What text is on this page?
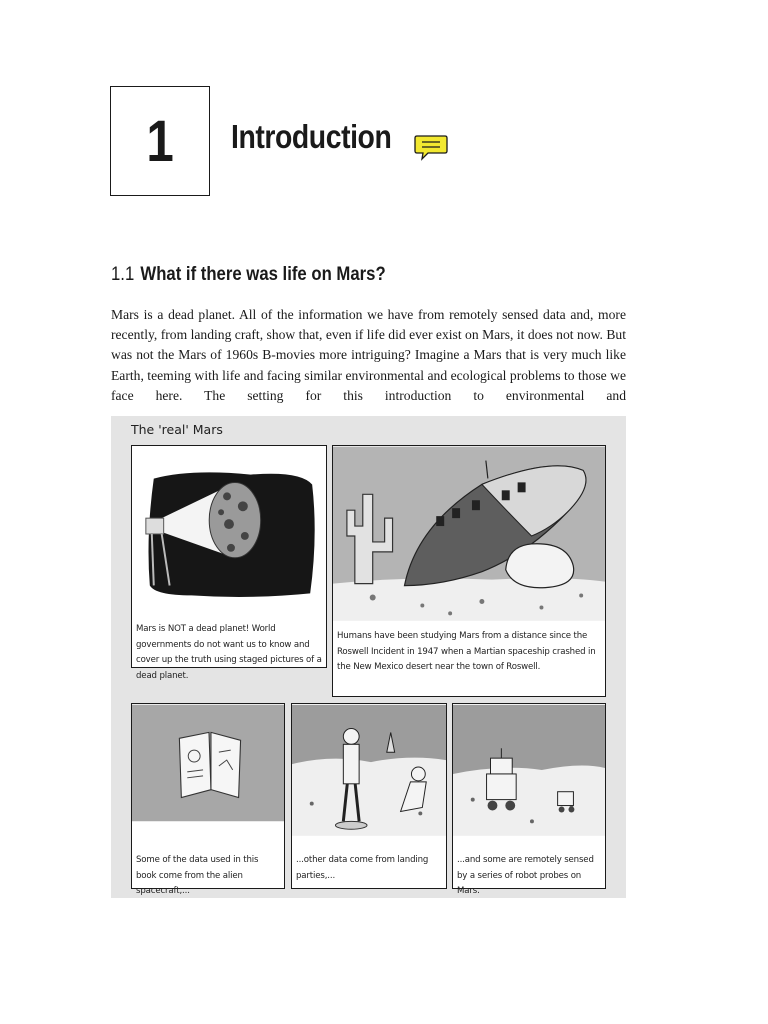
1 Introduction
1.1 What if there was life on Mars?

Mars is a dead planet. All of the information we have from remotely sensed data and, more recently, from landing craft, show that, even if life did ever exist on Mars, it does not now. But was not the Mars of 1960s B-movies more intriguing? Imagine a Mars that is very much like Earth, teeming with life and facing similar environmental and ecological problems to those we face here. The setting for this introduction to environmental and

The 'real' Mars
Mars is NOT a dead planet! World governments do not want us to know and cover up the truth using staged pictures of a dead planet.
Humans have been studying Mars from a distance since the Roswell Incident in 1947 when a Martian spaceship crashed in the New Mexico desert near the town of Roswell.
Some of the data used in this book come from the alien spacecraft,...
...other data come from landing parties,...
...and some are remotely sensed by a series of robot probes on Mars.
